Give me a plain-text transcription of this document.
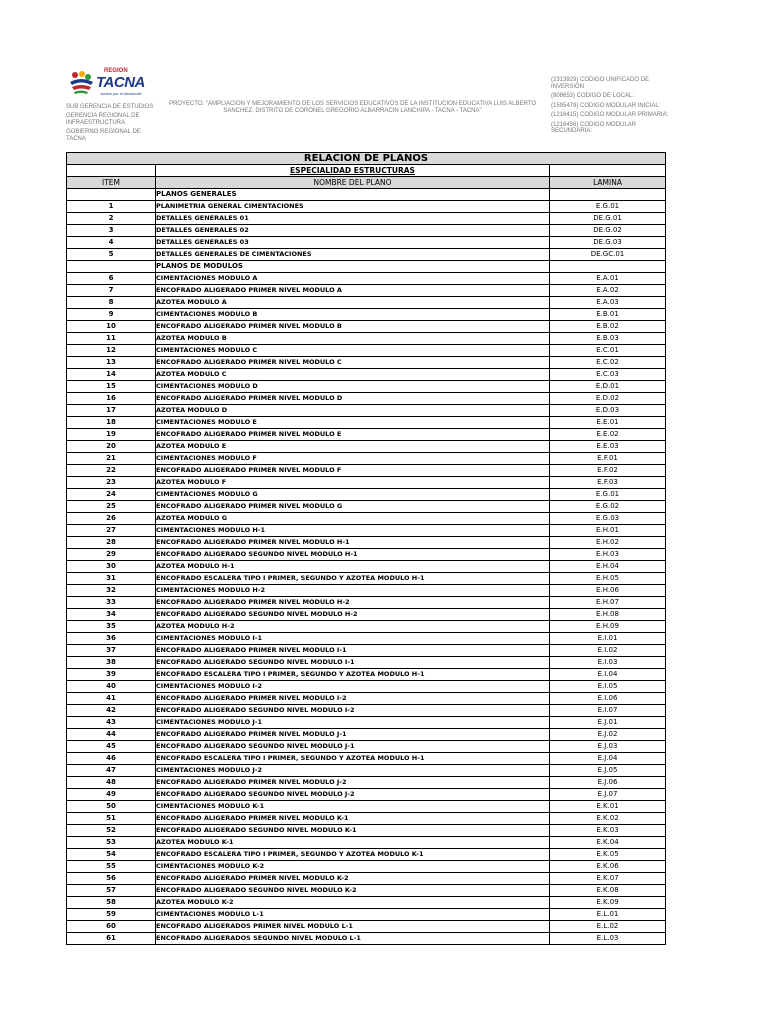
REGION
TACNA
Juntos por el desarrollo
SUB GERENCIA DE ESTUDIOS
GERENCIA REGIONAL DE INFRAESTRUCTURA
GOBIERNO REGIONAL DE TACNA
PROYECTO: "AMPLIACION Y MEJORAMIENTO DE LOS SERVICIOS EDUCATIVOS DE LA INSTITUCION EDUCATIVA LUIS ALBERTO SANCHEZ, DISTRITO DE CORONEL GREGORIO ALBARRACIN LANCHIPA - TACNA - TACNA"
(2313929) CODIGO UNIFICADO DE INVERSIÓN
(808653) CODIGO DE LOCAL:
(1595479) CODIGO MODULAR INICIAL:
(1216415) CODIGO MODULAR PRIMARIA:
(1216456) CODIGO MODULAR SECUNDARIA:
RELACION DE PLANOS		
	ESPECIALIDAD ESTRUCTURAS	
ITEM	NOMBRE DEL PLANO	LAMINA
	PLANOS GENERALES	
1	PLANIMETRIA GENERAL CIMENTACIONES	E.G.01
2	DETALLES GENERALES 01	DE.G.01
3	DETALLES GENERALES 02	DE.G.02
4	DETALLES GENERALES 03	DE.G.03
5	DETALLES GENERALES DE CIMENTACIONES	DE.GC.01
	PLANOS DE MODULOS	
6	CIMENTACIONES MODULO A	E.A.01
7	ENCOFRADO ALIGERADO PRIMER NIVEL MODULO A	E.A.02
8	AZOTEA MODULO A	E.A.03
9	CIMENTACIONES MODULO B	E.B.01
10	ENCOFRADO ALIGERADO PRIMER NIVEL MODULO B	E.B.02
11	AZOTEA MODULO B	E.B.03
12	CIMENTACIONES MODULO C	E.C.01
13	ENCOFRADO ALIGERADO PRIMER NIVEL MODULO C	E.C.02
14	AZOTEA MODULO C	E.C.03
15	CIMENTACIONES MODULO D	E.D.01
16	ENCOFRADO ALIGERADO PRIMER NIVEL MODULO D	E.D.02
17	AZOTEA MODULO D	E.D.03
18	CIMENTACIONES MODULO E	E.E.01
19	ENCOFRADO ALIGERADO PRIMER NIVEL MODULO E	E.E.02
20	AZOTEA MODULO E	E.E.03
21	CIMENTACIONES MODULO F	E.F.01
22	ENCOFRADO ALIGERADO PRIMER NIVEL MODULO F	E.F.02
23	AZOTEA MODULO F	E.F.03
24	CIMENTACIONES MODULO G	E.G.01
25	ENCOFRADO ALIGERADO PRIMER NIVEL MODULO G	E.G.02
26	AZOTEA MODULO G	E.G.03
27	CIMENTACIONES MODULO H-1	E.H.01
28	ENCOFRADO ALIGERADO PRIMER NIVEL MODULO H-1	E.H.02
29	ENCOFRADO ALIGERADO SEGUNDO NIVEL MODULO H-1	E.H.03
30	AZOTEA MODULO H-1	E.H.04
31	ENCOFRADO ESCALERA TIPO I PRIMER, SEGUNDO Y AZOTEA MODULO H-1	E.H.05
32	CIMENTACIONES MODULO H-2	E.H.06
33	ENCOFRADO ALIGERADO PRIMER NIVEL MODULO H-2	E.H.07
34	ENCOFRADO ALIGERADO SEGUNDO NIVEL MODULO H-2	E.H.08
35	AZOTEA MODULO H-2	E.H.09
36	CIMENTACIONES MODULO I-1	E.I.01
37	ENCOFRADO ALIGERADO PRIMER NIVEL MODULO I-1	E.I.02
38	ENCOFRADO ALIGERADO SEGUNDO NIVEL MODULO I-1	E.I.03
39	ENCOFRADO ESCALERA TIPO I PRIMER, SEGUNDO Y AZOTEA MODULO H-1	E.I.04
40	CIMENTACIONES MODULO I-2	E.I.05
41	ENCOFRADO ALIGERADO PRIMER NIVEL MODULO I-2	E.I.06
42	ENCOFRADO ALIGERADO SEGUNDO NIVEL MODULO I-2	E.I.07
43	CIMENTACIONES MODULO J-1	E.J.01
44	ENCOFRADO ALIGERADO PRIMER NIVEL MODULO J-1	E.J.02
45	ENCOFRADO ALIGERADO SEGUNDO NIVEL MODULO J-1	E.J.03
46	ENCOFRADO ESCALERA TIPO I PRIMER, SEGUNDO Y AZOTEA MODULO H-1	E.J.04
47	CIMENTACIONES MODULO J-2	E.J.05
48	ENCOFRADO ALIGERADO PRIMER NIVEL MODULO J-2	E.J.06
49	ENCOFRADO ALIGERADO SEGUNDO NIVEL MODULO J-2	E.J.07
50	CIMENTACIONES MODULO K-1	E.K.01
51	ENCOFRADO ALIGERADO PRIMER NIVEL MODULO K-1	E.K.02
52	ENCOFRADO ALIGERADO SEGUNDO NIVEL MODULO K-1	E.K.03
53	AZOTEA MODULO K-1	E.K.04
54	ENCOFRADO ESCALERA TIPO I PRIMER, SEGUNDO Y AZOTEA MODULO K-1	E.K.05
55	CIMENTACIONES MODULO K-2	E.K.06
56	ENCOFRADO ALIGERADO PRIMER NIVEL MODULO K-2	E.K.07
57	ENCOFRADO ALIGERADO SEGUNDO NIVEL MODULO K-2	E.K.08
58	AZOTEA MODULO K-2	E.K.09
59	CIMENTACIONES MODULO L-1	E.L.01
60	ENCOFRADO ALIGERADOS PRIMER NIVEL MODULO L-1	E.L.02
61	ENCOFRADO ALIGERADOS SEGUNDO NIVEL MODULO L-1	E.L.03
